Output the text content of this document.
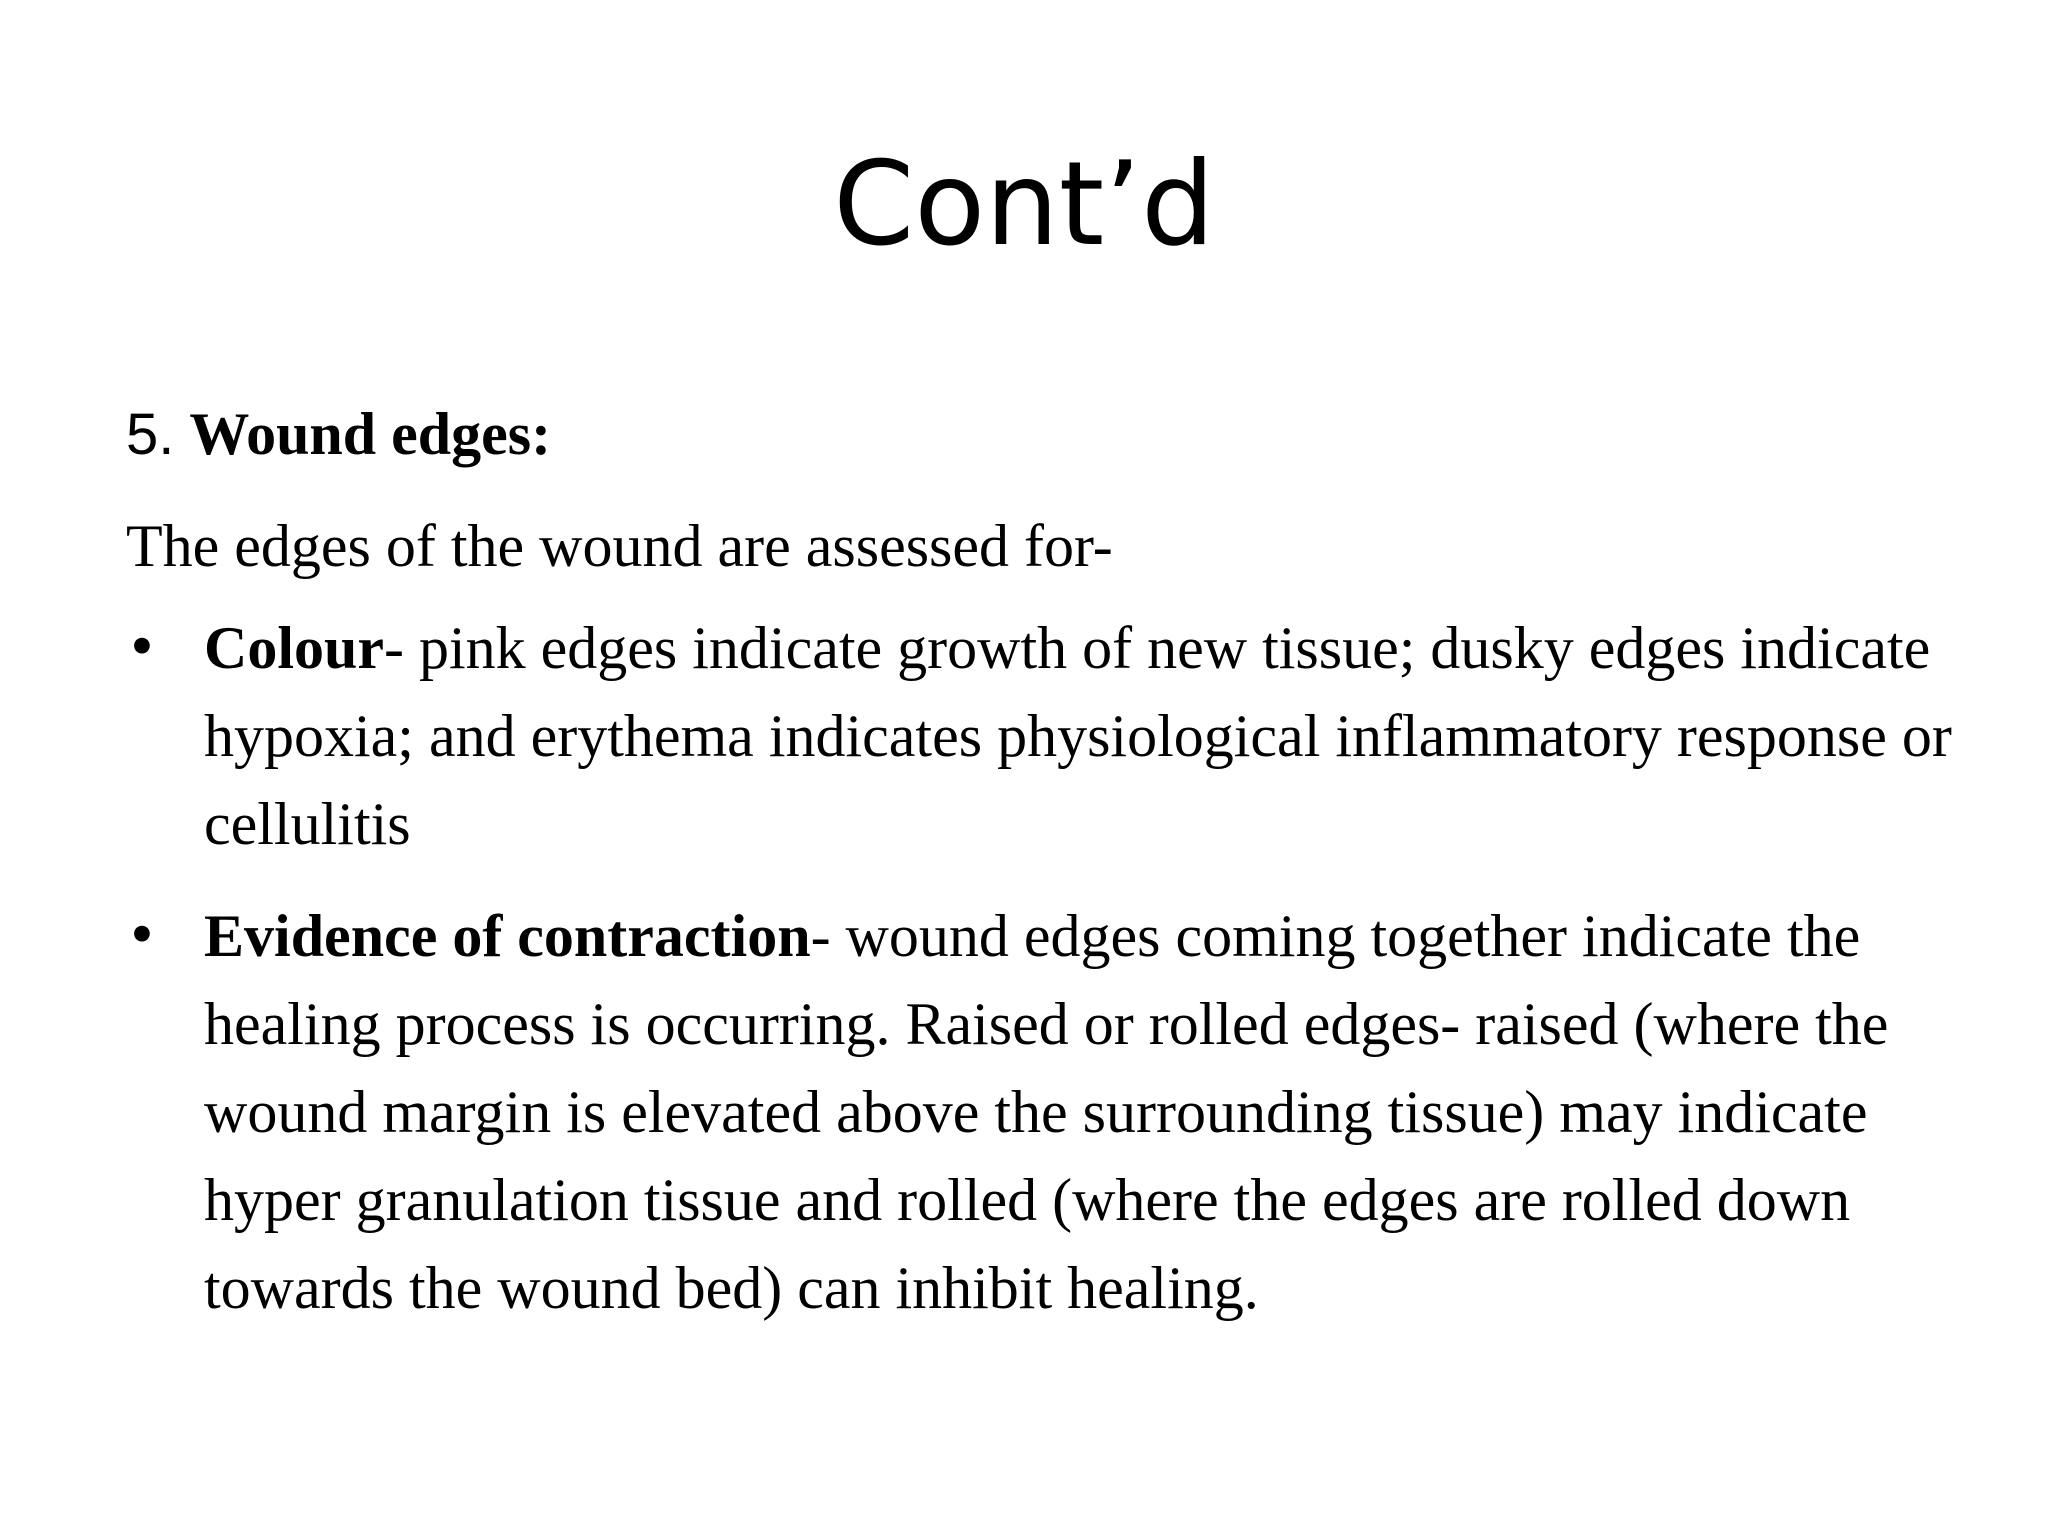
Cont’d

5. Wound edges:

The edges of the wound are assessed for-

• Colour- pink edges indicate growth of new tissue; dusky edges indicate hypoxia; and erythema indicates physiological inflammatory response or cellulitis
• Evidence of contraction- wound edges coming together indicate the healing process is occurring. Raised or rolled edges- raised (where the wound margin is elevated above the surrounding tissue) may indicate hyper granulation tissue and rolled (where the edges are rolled down towards the wound bed) can inhibit healing.
